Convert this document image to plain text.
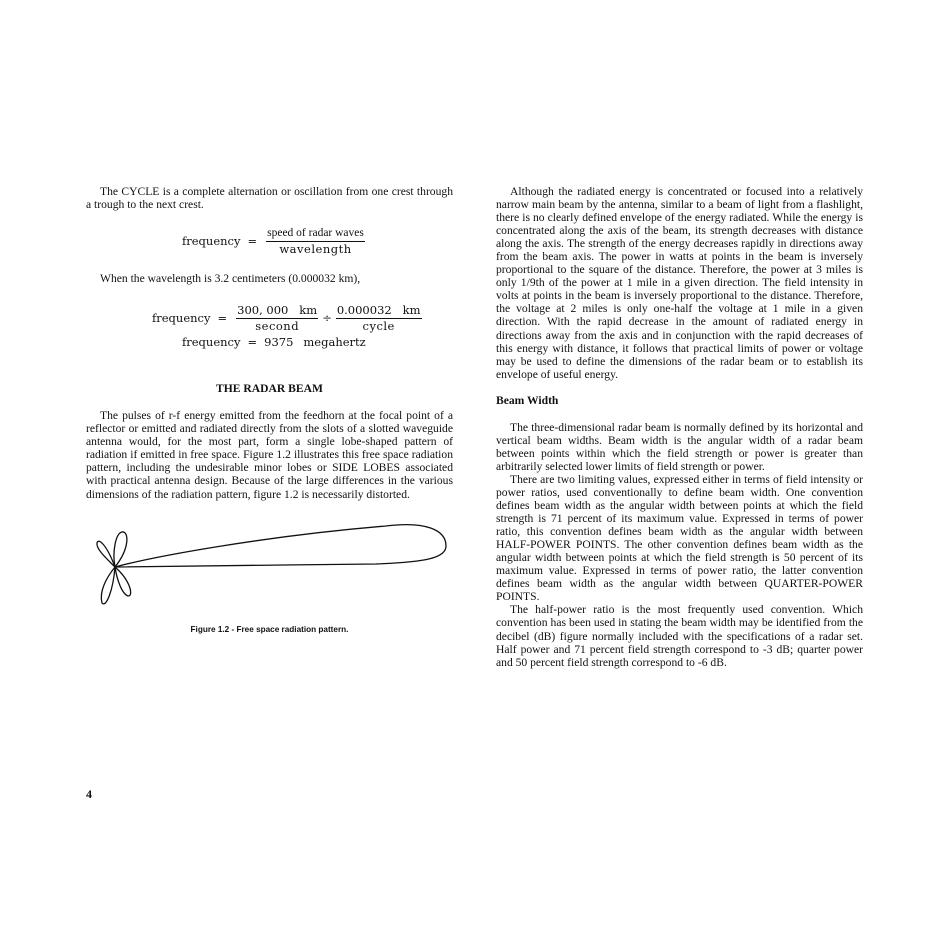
The CYCLE is a complete alternation or oscillation from one crest through a trough to the next crest.

frequency = $\frac{\text{speed of radar waves}}{\text{wavelength}}$

When the wavelength is 3.2 centimeters (0.000032 km),

frequency = $\frac{300, 000 km}{\text{second}} \div \frac{0.000032 km}{\text{cycle}}$
frequency = 9375 megahertz
THE RADAR BEAM

The pulses of r-f energy emitted from the feedhorn at the focal point of a reflector or emitted and radiated directly from the slots of a slotted waveguide antenna would, for the most part, form a single lobe-shaped pattern of radiation if emitted in free space. Figure 1.2 illustrates this free space radiation pattern, including the undesirable minor lobes or SIDE LOBES associated with practical antenna design. Because of the large differences in the various dimensions of the radiation pattern, figure 1.2 is necessarily distorted.

Figure 1.2 - Free space radiation pattern.

Although the radiated energy is concentrated or focused into a relatively narrow main beam by the antenna, similar to a beam of light from a flashlight, there is no clearly defined envelope of the energy radiated. While the energy is concentrated along the axis of the beam, its strength decreases with distance along the axis. The strength of the energy decreases rapidly in directions away from the beam axis. The power in watts at points in the beam is inversely proportional to the square of the distance. Therefore, the power at 3 miles is only 1/9th of the power at 1 mile in a given direction. The field intensity in volts at points in the beam is inversely proportional to the distance. Therefore, the voltage at 2 miles is only one-half the voltage at 1 mile in a given direction. With the rapid decrease in the amount of radiated energy in directions away from the axis and in conjunction with the rapid decreases of this energy with distance, it follows that practical limits of power or voltage may be used to define the dimensions of the radar beam or to establish its envelope of useful energy.

Beam Width

The three-dimensional radar beam is normally defined by its horizontal and vertical beam widths. Beam width is the angular width of a radar beam between points within which the field strength or power is greater than arbitrarily selected lower limits of field strength or power.

There are two limiting values, expressed either in terms of field intensity or power ratios, used conventionally to define beam width. One convention defines beam width as the angular width between points at which the field strength is 71 percent of its maximum value. Expressed in terms of power ratio, this convention defines beam width as the angular width between HALF-POWER POINTS. The other convention defines beam width as the angular width between points at which the field strength is 50 percent of its maximum value. Expressed in terms of power ratio, the latter convention defines beam width as the angular width between QUARTER-POWER POINTS.

The half-power ratio is the most frequently used convention. Which convention has been used in stating the beam width may be identified from the decibel (dB) figure normally included with the specifications of a radar set. Half power and 71 percent field strength correspond to -3 dB; quarter power and 50 percent field strength correspond to -6 dB.

4
